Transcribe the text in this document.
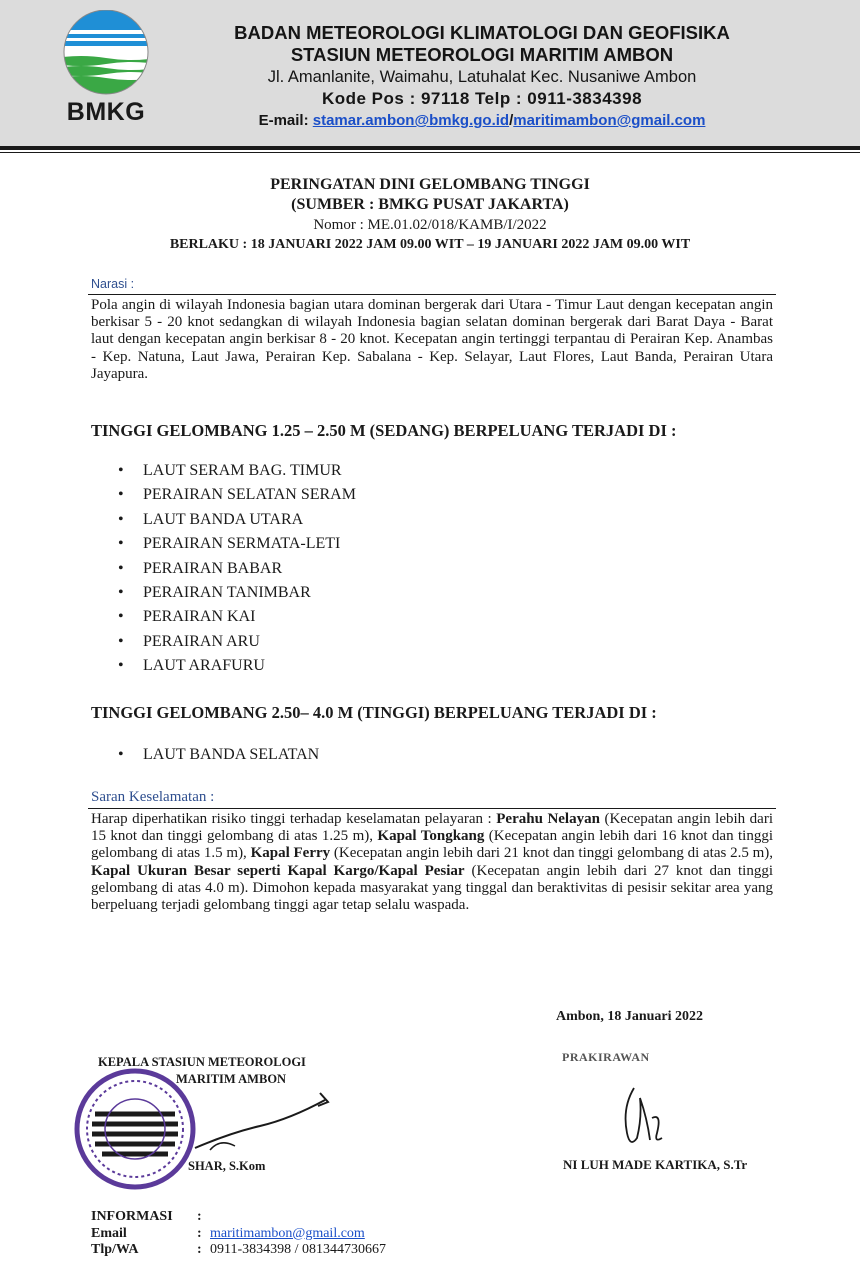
BMKG
BADAN METEOROLOGI KLIMATOLOGI DAN GEOFISIKA
STASIUN METEOROLOGI MARITIM AMBON
Jl. Amanlanite, Waimahu, Latuhalat Kec. Nusaniwe Ambon
Kode Pos : 97118 Telp : 0911-3834398
E-mail: stamar.ambon@bmkg.go.id/maritimambon@gmail.com
PERINGATAN DINI GELOMBANG TINGGI
(SUMBER : BMKG PUSAT JAKARTA)
Nomor : ME.01.02/018/KAMB/I/2022
BERLAKU : 18 JANUARI 2022 JAM 09.00 WIT – 19 JANUARI 2022 JAM 09.00 WIT
Narasi :

Pola angin di wilayah Indonesia bagian utara dominan bergerak dari Utara - Timur Laut dengan kecepatan angin berkisar 5 - 20 knot sedangkan di wilayah Indonesia bagian selatan dominan bergerak dari Barat Daya - Barat laut dengan kecepatan angin berkisar 8 - 20 knot. Kecepatan angin tertinggi terpantau di Perairan Kep. Anambas - Kep. Natuna, Laut Jawa, Perairan Kep. Sabalana - Kep. Selayar, Laut Flores, Laut Banda, Perairan Utara Jayapura.

TINGGI GELOMBANG 1.25 – 2.50 M (SEDANG) BERPELUANG TERJADI DI :
• LAUT SERAM BAG. TIMUR
• PERAIRAN SELATAN SERAM
• LAUT BANDA UTARA
• PERAIRAN SERMATA-LETI
• PERAIRAN BABAR
• PERAIRAN TANIMBAR
• PERAIRAN KAI
• PERAIRAN ARU
• LAUT ARAFURU
TINGGI GELOMBANG 2.50– 4.0 M (TINGGI) BERPELUANG TERJADI DI :
• LAUT BANDA SELATAN
Saran Keselamatan :

Harap diperhatikan risiko tinggi terhadap keselamatan pelayaran : Perahu Nelayan (Kecepatan angin lebih dari 15 knot dan tinggi gelombang di atas 1.25 m), Kapal Tongkang (Kecepatan angin lebih dari 16 knot dan tinggi gelombang di atas 1.5 m), Kapal Ferry (Kecepatan angin lebih dari 21 knot dan tinggi gelombang di atas 2.5 m), Kapal Ukuran Besar seperti Kapal Kargo/Kapal Pesiar (Kecepatan angin lebih dari 27 knot dan tinggi gelombang di atas 4.0 m). Dimohon kepada masyarakat yang tinggal dan beraktivitas di pesisir sekitar area yang berpeluang terjadi gelombang tinggi agar tetap selalu waspada.

Ambon, 18 Januari 2022
KEPALA STASIUN METEOROLOGI
MARITIM AMBON
SHAR, S.Kom
PRAKIRAWAN
NI LUH MADE KARTIKA, S.Tr
INFORMASI :
Email	: maritimambon@gmail.com
Tlp/WA	: 0911-3834398 / 081344730667
